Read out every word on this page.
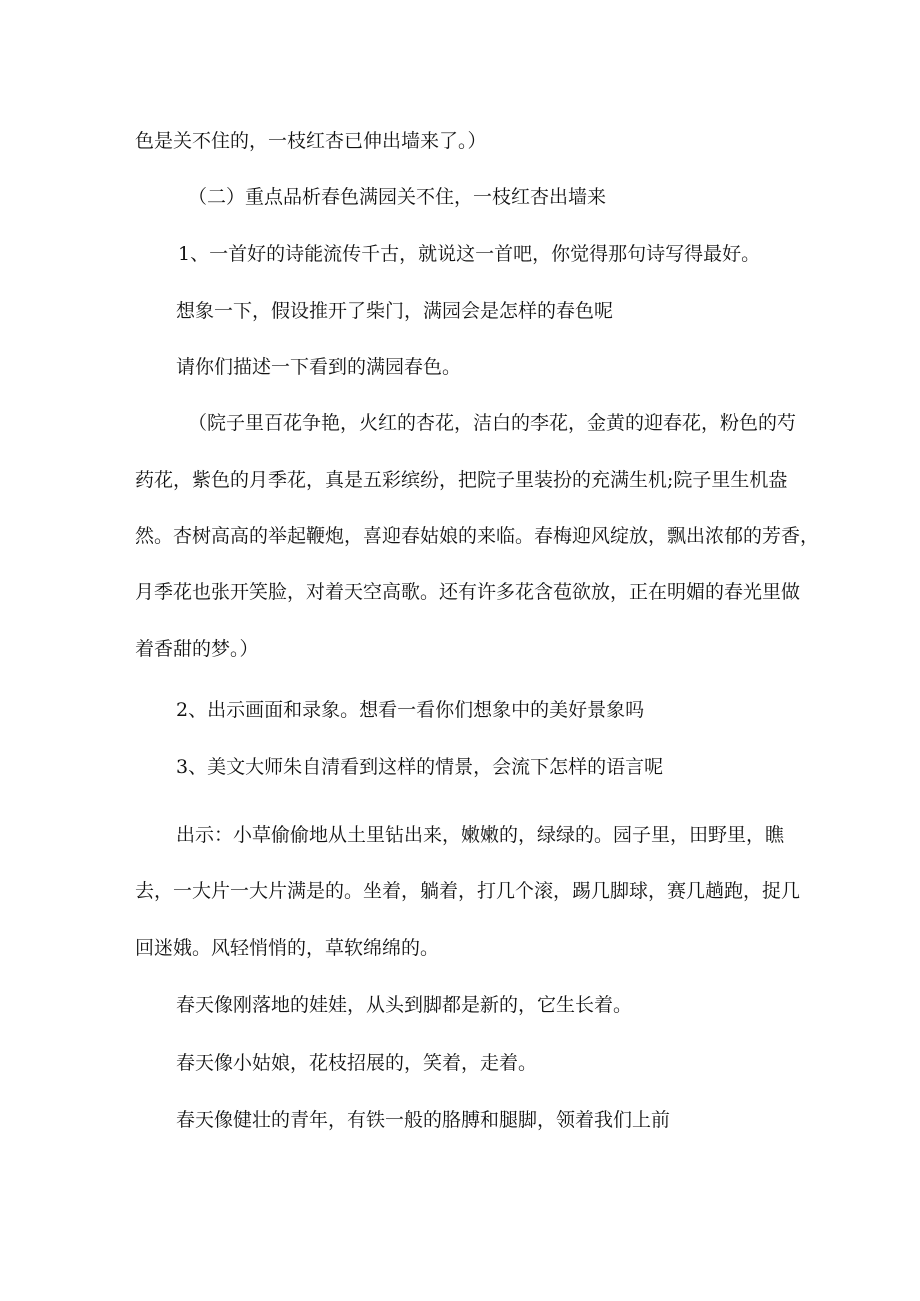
色是关不住的，一枝红杏已伸出墙来了。）

（二）重点品析春色满园关不住，一枝红杏出墙来

1、一首好的诗能流传千古，就说这一首吧，你觉得那句诗写得最好。

想象一下，假设推开了柴门，满园会是怎样的春色呢

请你们描述一下看到的满园春色。

（院子里百花争艳，火红的杏花，洁白的李花，金黄的迎春花，粉色的芍

药花，紫色的月季花，真是五彩缤纷，把院子里装扮的充满生机;院子里生机盎

然。杏树高高的举起鞭炮，喜迎春姑娘的来临。春梅迎风绽放，飘出浓郁的芳香，

月季花也张开笑脸，对着天空高歌。还有许多花含苞欲放，正在明媚的春光里做

着香甜的梦。）

2、出示画面和录象。想看一看你们想象中的美好景象吗

3、美文大师朱自清看到这样的情景，会流下怎样的语言呢

出示：小草偷偷地从土里钻出来，嫩嫩的，绿绿的。园子里，田野里，瞧

去，一大片一大片满是的。坐着，躺着，打几个滚，踢几脚球，赛几趟跑，捉几

回迷娥。风轻悄悄的，草软绵绵的。

春天像刚落地的娃娃，从头到脚都是新的，它生长着。

春天像小姑娘，花枝招展的，笑着，走着。

春天像健壮的青年，有铁一般的胳膊和腿脚，领着我们上前
